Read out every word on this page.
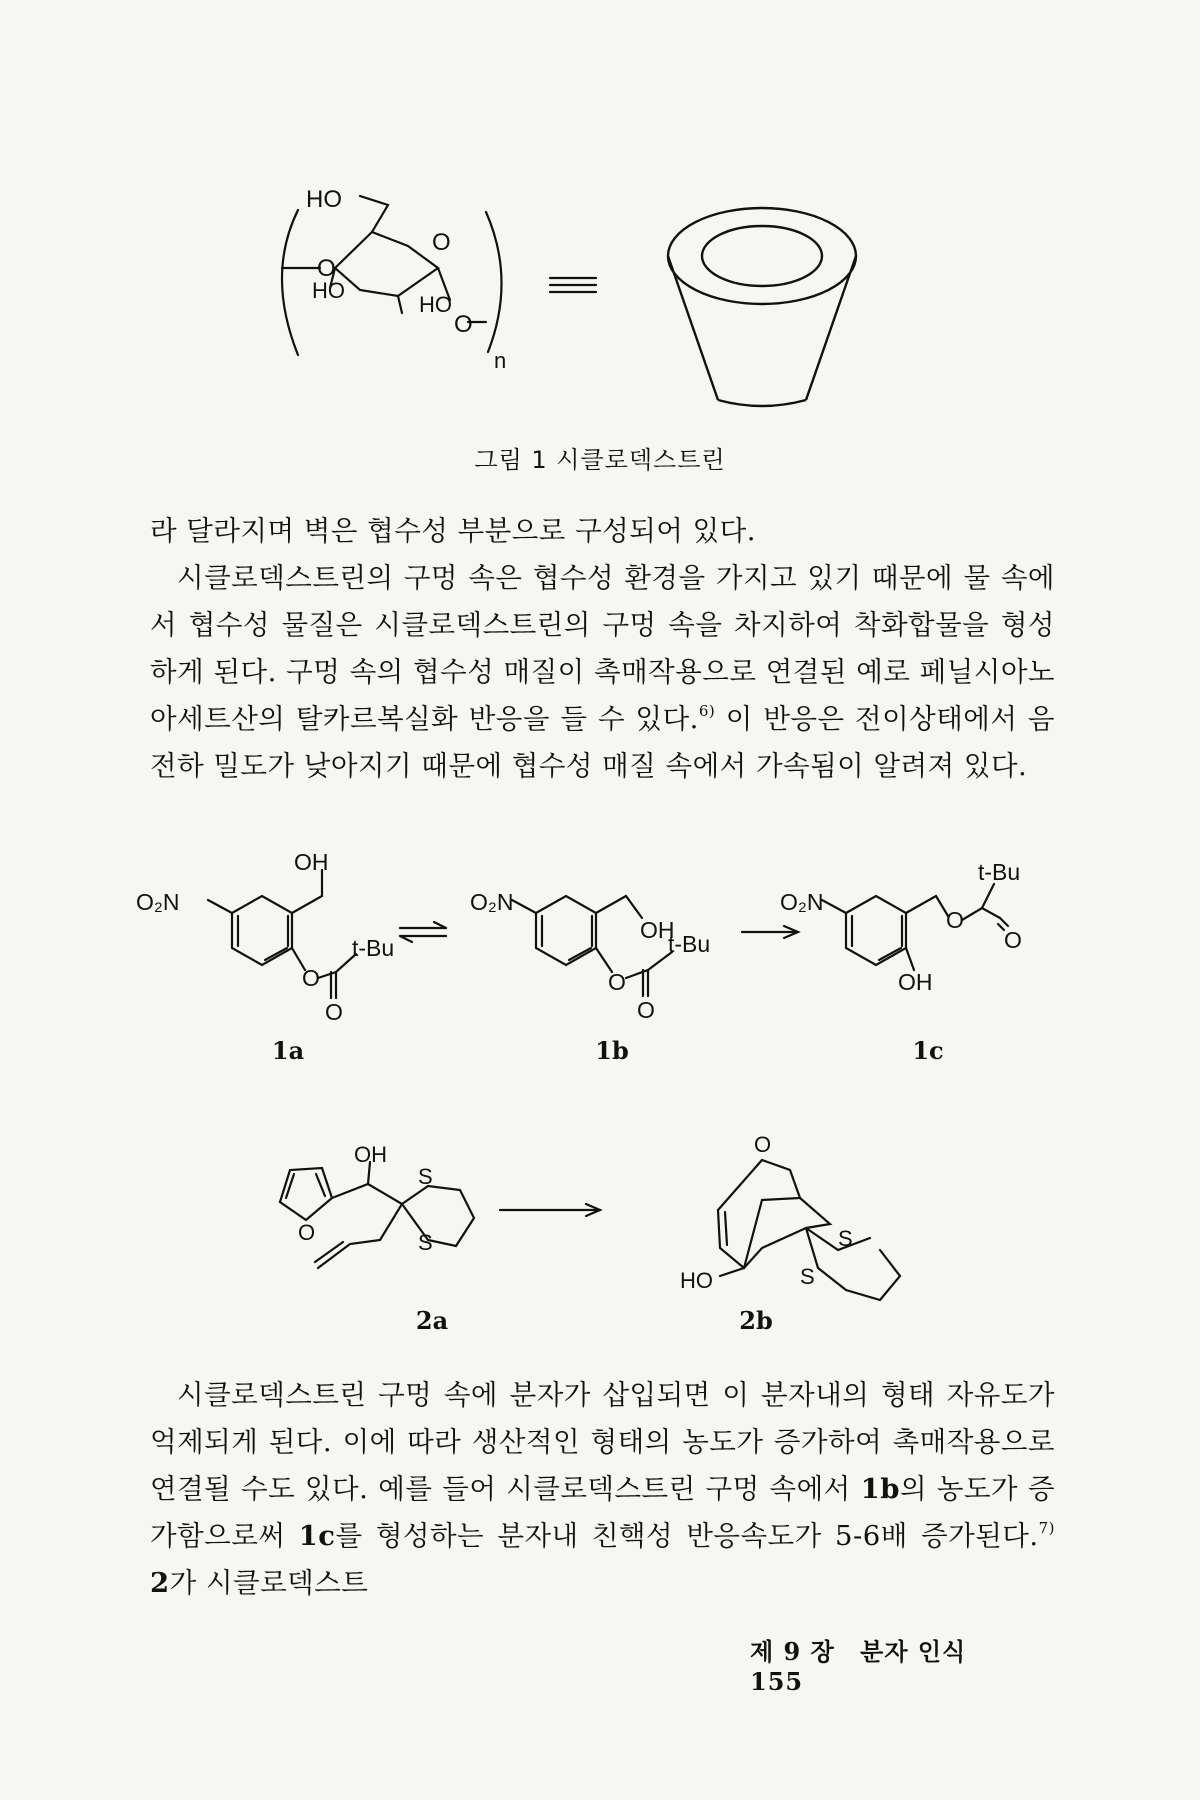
HO
O
O
HO
HO
O
n
그림 1 시클로덱스트린

라 달라지며 벽은 협수성 부분으로 구성되어 있다.

시클로덱스트린의 구멍 속은 협수성 환경을 가지고 있기 때문에 물 속에서 협수성 물질은 시클로덱스트린의 구멍 속을 차지하여 착화합물을 형성하게 된다. 구멍 속의 협수성 매질이 촉매작용으로 연결된 예로 페닐시아노아세트산의 탈카르복실화 반응을 들 수 있다.$^{6)}$ 이 반응은 전이상태에서 음전하 밀도가 낮아지기 때문에 협수성 매질 속에서 가속됨이 알려져 있다.

O₂N
OH
O
O
t-Bu
O₂N
OH
O
O
t-Bu
O₂N
O
t-Bu
O
OH
1a	1b	1c
OH
O
S
S
O
HO
S
S
2a	2b

시클로덱스트린 구멍 속에 분자가 삽입되면 이 분자내의 형태 자유도가 억제되게 된다. 이에 따라 생산적인 형태의 농도가 증가하여 촉매작용으로 연결될 수도 있다. 예를 들어 시클로덱스트린 구멍 속에서 1b의 농도가 증가함으로써 1c를 형성하는 분자내 친핵성 반응속도가 5-6배 증가된다.$^{7)}$ 2가 시클로덱스트

제 9 장 분자 인식 155
